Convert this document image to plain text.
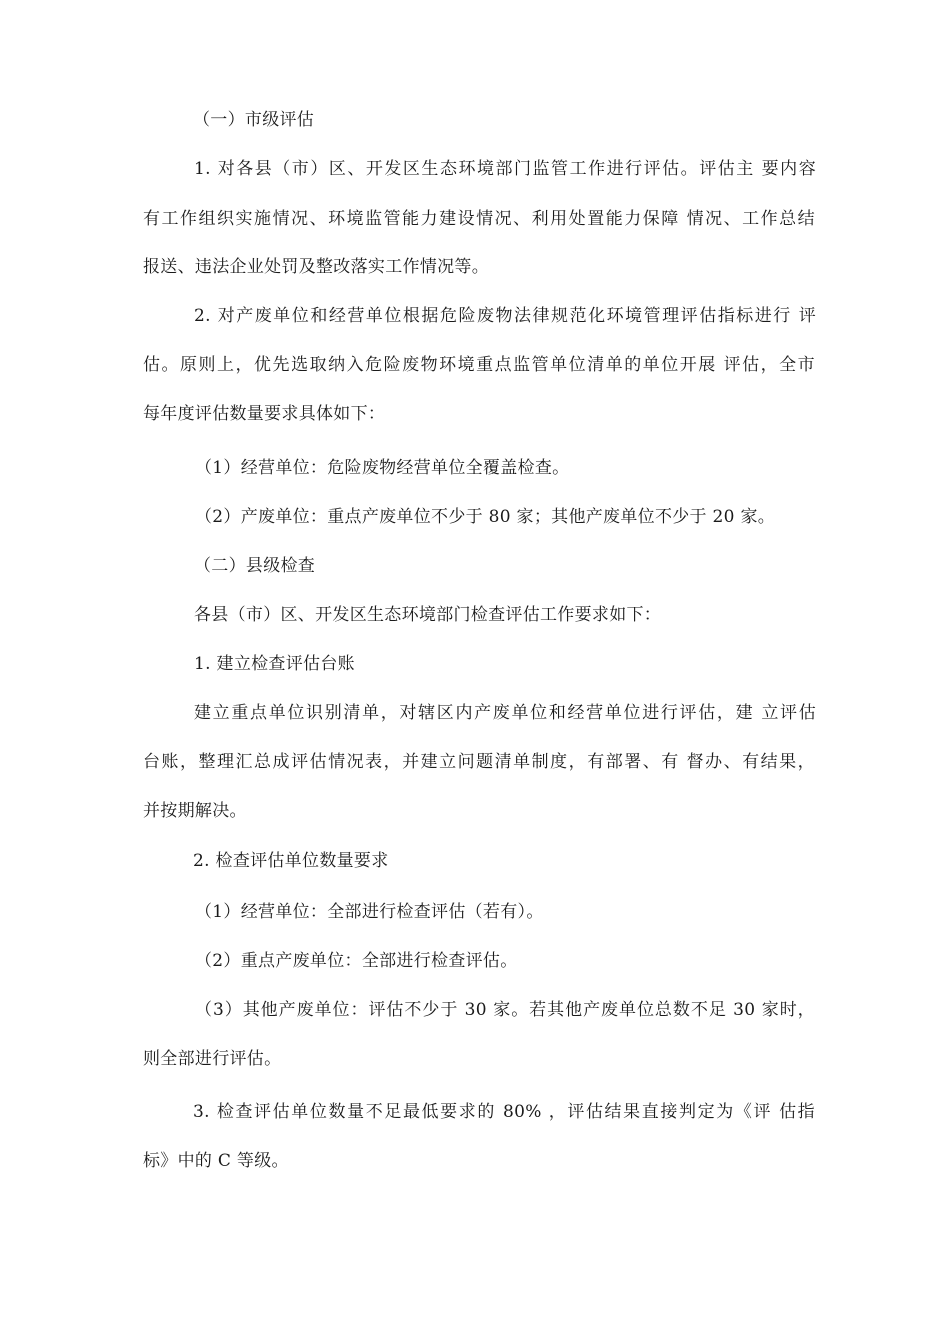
（一）市级评估
1. 对各县（市）区、开发区生态环境部门监管工作进行评估。评估主 要内容
有工作组织实施情况、环境监管能力建设情况、利用处置能力保障 情况、工作总结
报送、违法企业处罚及整改落实工作情况等。
2. 对产废单位和经营单位根据危险废物法律规范化环境管理评估指标进行 评
估。原则上，优先选取纳入危险废物环境重点监管单位清单的单位开展 评估，全市
每年度评估数量要求具体如下：
（1）经营单位：危险废物经营单位全覆盖检查。
（2）产废单位：重点产废单位不少于 80 家；其他产废单位不少于 20 家。
（二）县级检查
各县（市）区、开发区生态环境部门检查评估工作要求如下：
1. 建立检查评估台账
建立重点单位识别清单，对辖区内产废单位和经营单位进行评估，建 立评估
台账，整理汇总成评估情况表，并建立问题清单制度，有部署、有 督办、有结果，
并按期解决。
2. 检查评估单位数量要求
（1）经营单位：全部进行检查评估（若有）。
（2）重点产废单位：全部进行检查评估。
（3）其他产废单位：评估不少于 30 家。若其他产废单位总数不足 30 家时，
则全部进行评估。
3. 检查评估单位数量不足最低要求的 80% ，评估结果直接判定为《评 估指
标》中的 C 等级。
